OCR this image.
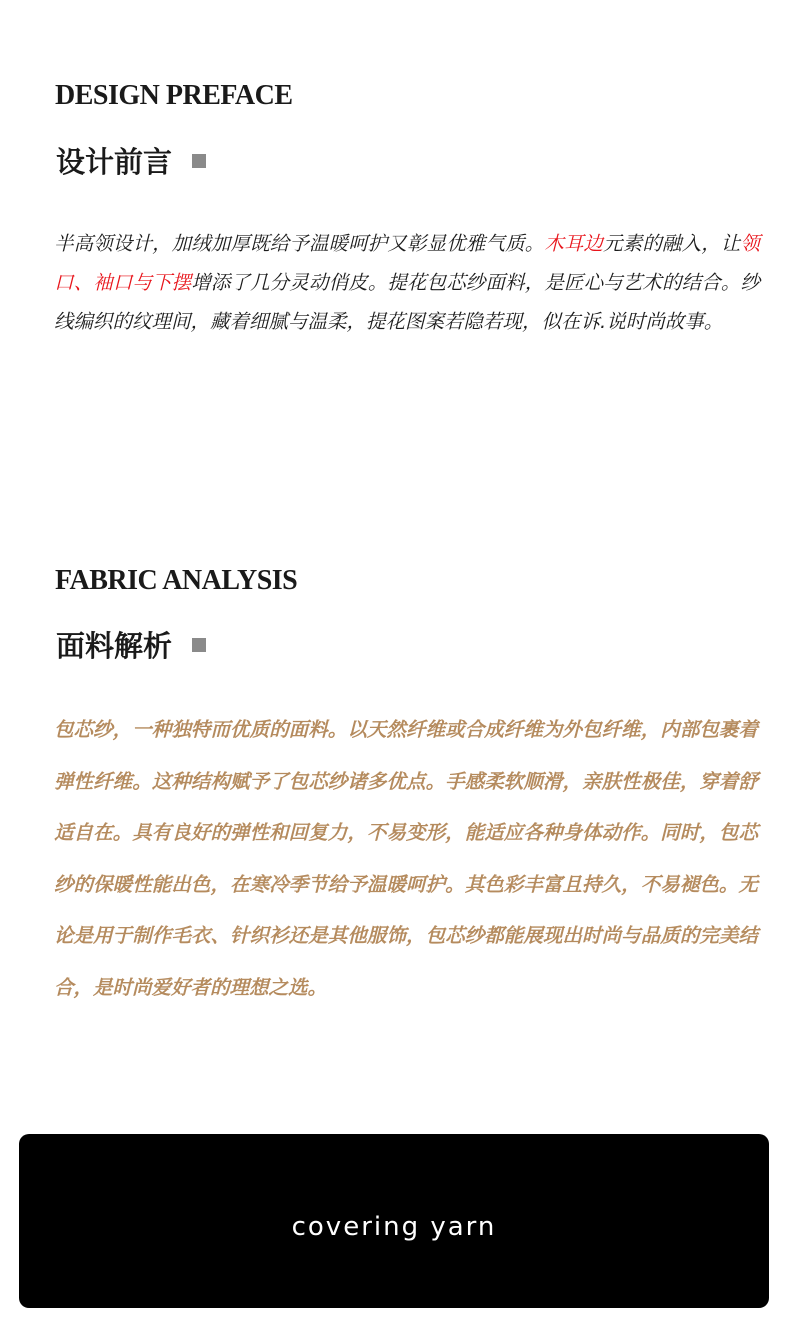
DESIGN PREFACE
设计前言

半高领设计，加绒加厚既给予温暖呵护又彰显优雅气质。木耳边元素的融入，让领口、袖口与下摆增添了几分灵动俏皮。提花包芯纱面料，是匠心与艺术的结合。纱线编织的纹理间，藏着细腻与温柔，提花图案若隐若现，似在诉.说时尚故事。

FABRIC ANALYSIS
面料解析

包芯纱，一种独特而优质的面料。以天然纤维或合成纤维为外包纤维，内部包裹着弹性纤维。这种结构赋予了包芯纱诸多优点。手感柔软顺滑，亲肤性极佳，穿着舒适自在。具有良好的弹性和回复力，不易变形，能适应各种身体动作。同时，包芯纱的保暖性能出色，在寒冷季节给予温暖呵护。其色彩丰富且持久，不易褪色。无论是用于制作毛衣、针织衫还是其他服饰，包芯纱都能展现出时尚与品质的完美结合，是时尚爱好者的理想之选。

covering yarn
